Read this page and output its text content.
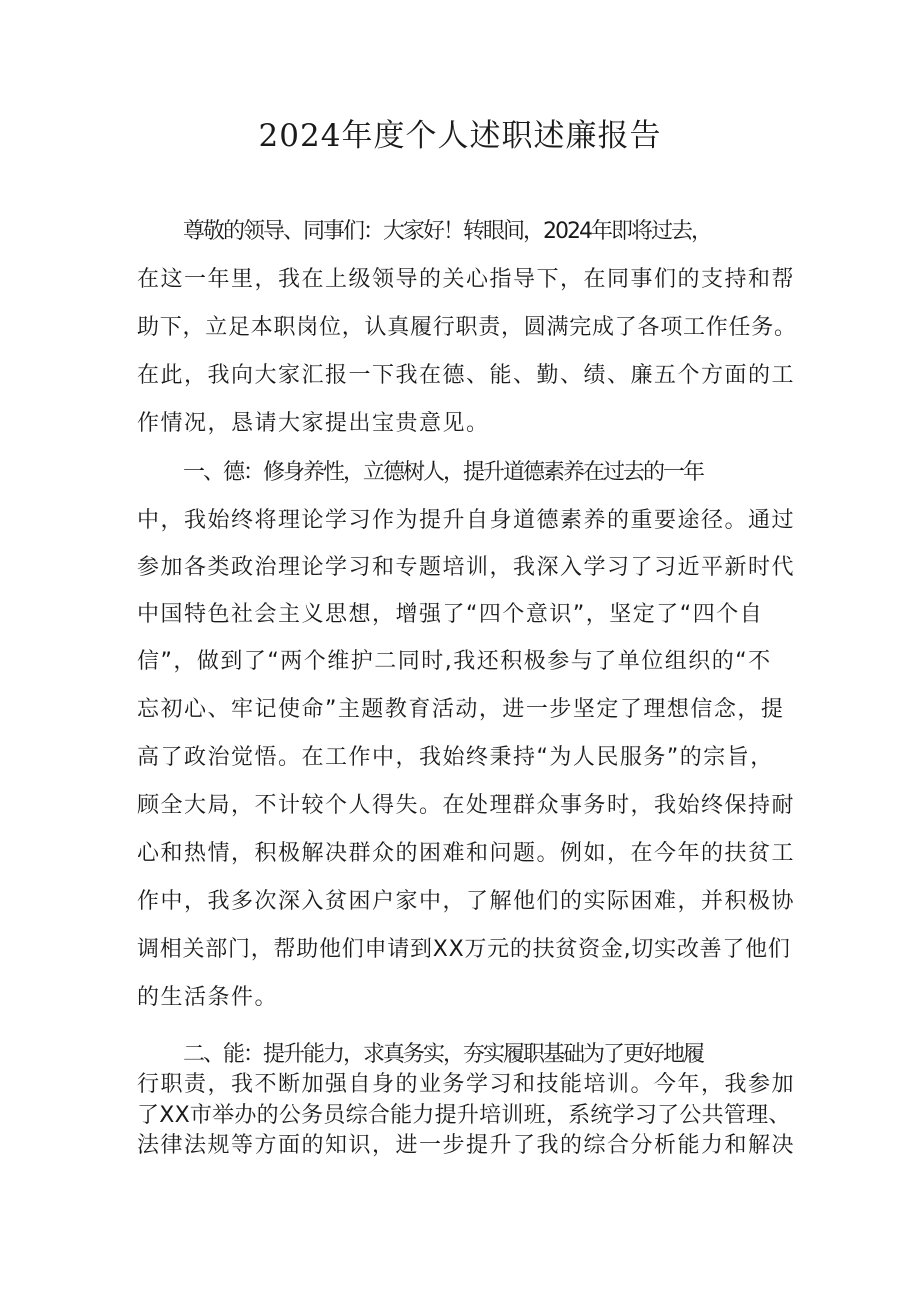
2024年度个人述职述廉报告
尊敬的领导、同事们：大家好！转眼间，2024年即将过去，
在这一年里，我在上级领导的关心指导下，在同事们的支持和帮
助下，立足本职岗位，认真履行职责，圆满完成了各项工作任务。
在此，我向大家汇报一下我在德、能、勤、绩、廉五个方面的工
作情况，恳请大家提出宝贵意见。
一、德：修身养性，立德树人，提升道德素养在过去的一年
中，我始终将理论学习作为提升自身道德素养的重要途径。通过
参加各类政治理论学习和专题培训，我深入学习了习近平新时代
中国特色社会主义思想，增强了“四个意识”，坚定了“四个自
信”，做到了“两个维护二同时,我还积极参与了单位组织的“不
忘初心、牢记使命”主题教育活动，进一步坚定了理想信念，提
高了政治觉悟。在工作中，我始终秉持“为人民服务”的宗旨，
顾全大局，不计较个人得失。在处理群众事务时，我始终保持耐
心和热情，积极解决群众的困难和问题。例如，在今年的扶贫工
作中，我多次深入贫困户家中，了解他们的实际困难，并积极协
调相关部门，帮助他们申请到XX万元的扶贫资金,切实改善了他们
的生活条件。
二、能：提升能力，求真务实，夯实履职基础为了更好地履
行职责，我不断加强自身的业务学习和技能培训。今年，我参加
了XX市举办的公务员综合能力提升培训班，系统学习了公共管理、
法律法规等方面的知识，进一步提升了我的综合分析能力和解决
